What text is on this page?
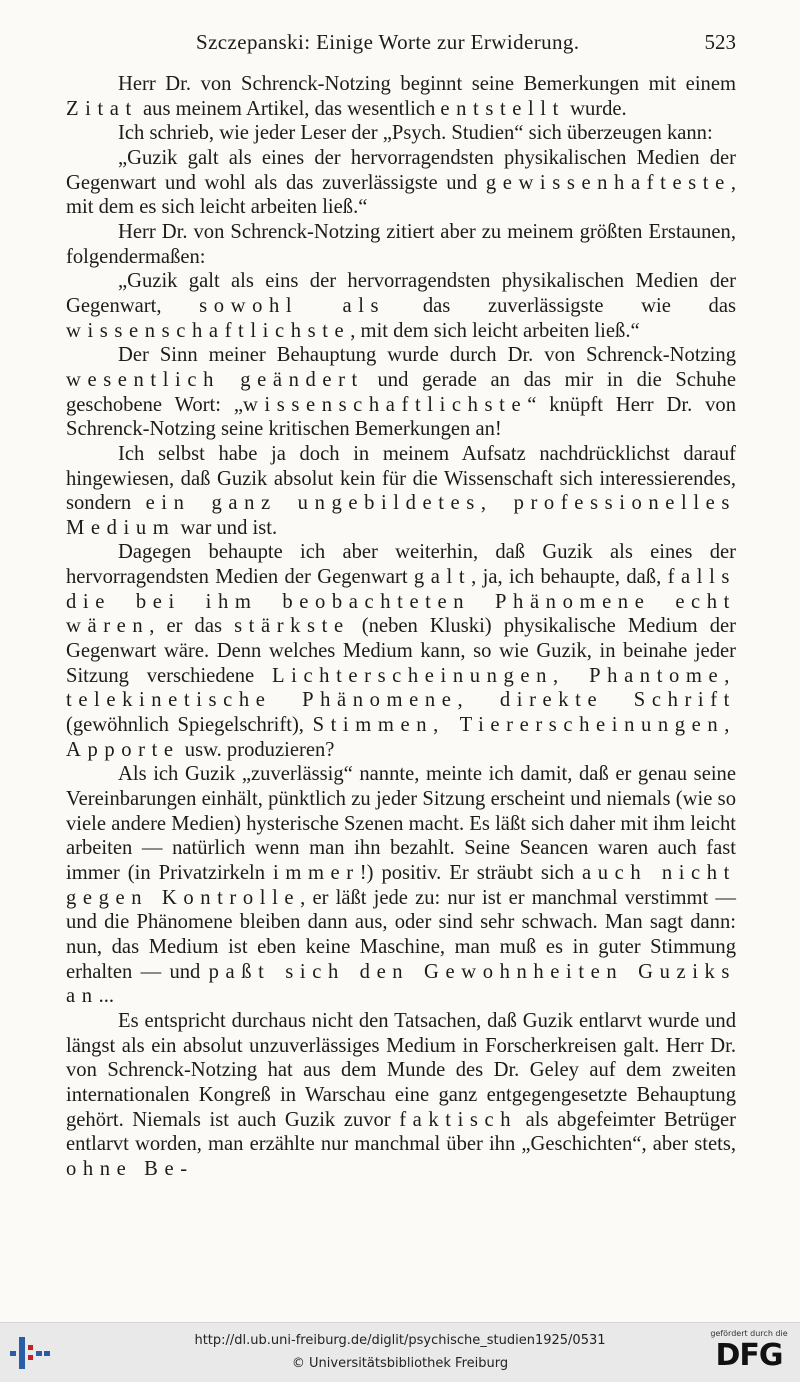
Szczepanski: Einige Worte zur Erwiderung.	523

Herr Dr. von Schrenck-Notzing beginnt seine Bemerkungen mit einem Zitat aus meinem Artikel, das wesentlich entstellt wurde.

Ich schrieb, wie jeder Leser der „Psych. Studien“ sich überzeugen kann:

„Guzik galt als eines der hervorragendsten physikalischen Medien der Gegenwart und wohl als das zuverlässigste und gewissenhafteste, mit dem es sich leicht arbeiten ließ.“

Herr Dr. von Schrenck-Notzing zitiert aber zu meinem größten Erstaunen, folgendermaßen:

„Guzik galt als eins der hervorragendsten physikalischen Medien der Gegenwart, sowohl als das zuverlässigste wie das wissenschaftlichste, mit dem sich leicht arbeiten ließ.“

Der Sinn meiner Behauptung wurde durch Dr. von Schrenck-Notzing wesentlich geändert und gerade an das mir in die Schuhe geschobene Wort: „wissenschaftlichste“ knüpft Herr Dr. von Schrenck-Notzing seine kritischen Bemerkungen an!

Ich selbst habe ja doch in meinem Aufsatz nachdrücklichst darauf hingewiesen, daß Guzik absolut kein für die Wissenschaft sich interessierendes, sondern ein ganz ungebildetes, professionelles Medium war und ist.

Dagegen behaupte ich aber weiterhin, daß Guzik als eines der hervorragendsten Medien der Gegenwart galt, ja, ich behaupte, daß, falls die bei ihm beobachteten Phänomene echt wären, er das stärkste (neben Kluski) physikalische Medium der Gegenwart wäre. Denn welches Medium kann, so wie Guzik, in beinahe jeder Sitzung verschiedene Lichterscheinungen, Phantome, telekinetische Phänomene, direkte Schrift (gewöhnlich Spiegelschrift), Stimmen, Tiererscheinungen, Apporte usw. produzieren?

Als ich Guzik „zuverlässig“ nannte, meinte ich damit, daß er genau seine Vereinbarungen einhält, pünktlich zu jeder Sitzung erscheint und niemals (wie so viele andere Medien) hysterische Szenen macht. Es läßt sich daher mit ihm leicht arbeiten — natürlich wenn man ihn bezahlt. Seine Seancen waren auch fast immer (in Privatzirkeln immer!) positiv. Er sträubt sich auch nicht gegen Kontrolle, er läßt jede zu: nur ist er manchmal verstimmt — und die Phänomene bleiben dann aus, oder sind sehr schwach. Man sagt dann: nun, das Medium ist eben keine Maschine, man muß es in guter Stimmung erhalten — und paßt sich den Gewohnheiten Guziks an...

Es entspricht durchaus nicht den Tatsachen, daß Guzik entlarvt wurde und längst als ein absolut unzuverlässiges Medium in Forscherkreisen galt. Herr Dr. von Schrenck-Notzing hat aus dem Munde des Dr. Geley auf dem zweiten internationalen Kongreß in Warschau eine ganz entgegengesetzte Behauptung gehört. Niemals ist auch Guzik zuvor faktisch als abgefeimter Betrüger entlarvt worden, man erzählte nur manchmal über ihn „Geschichten“, aber stets, ohne Be-

http://dl.ub.uni-freiburg.de/diglit/psychische_studien1925/0531
© Universitätsbibliothek Freiburg
gefördert durch die
DFG
